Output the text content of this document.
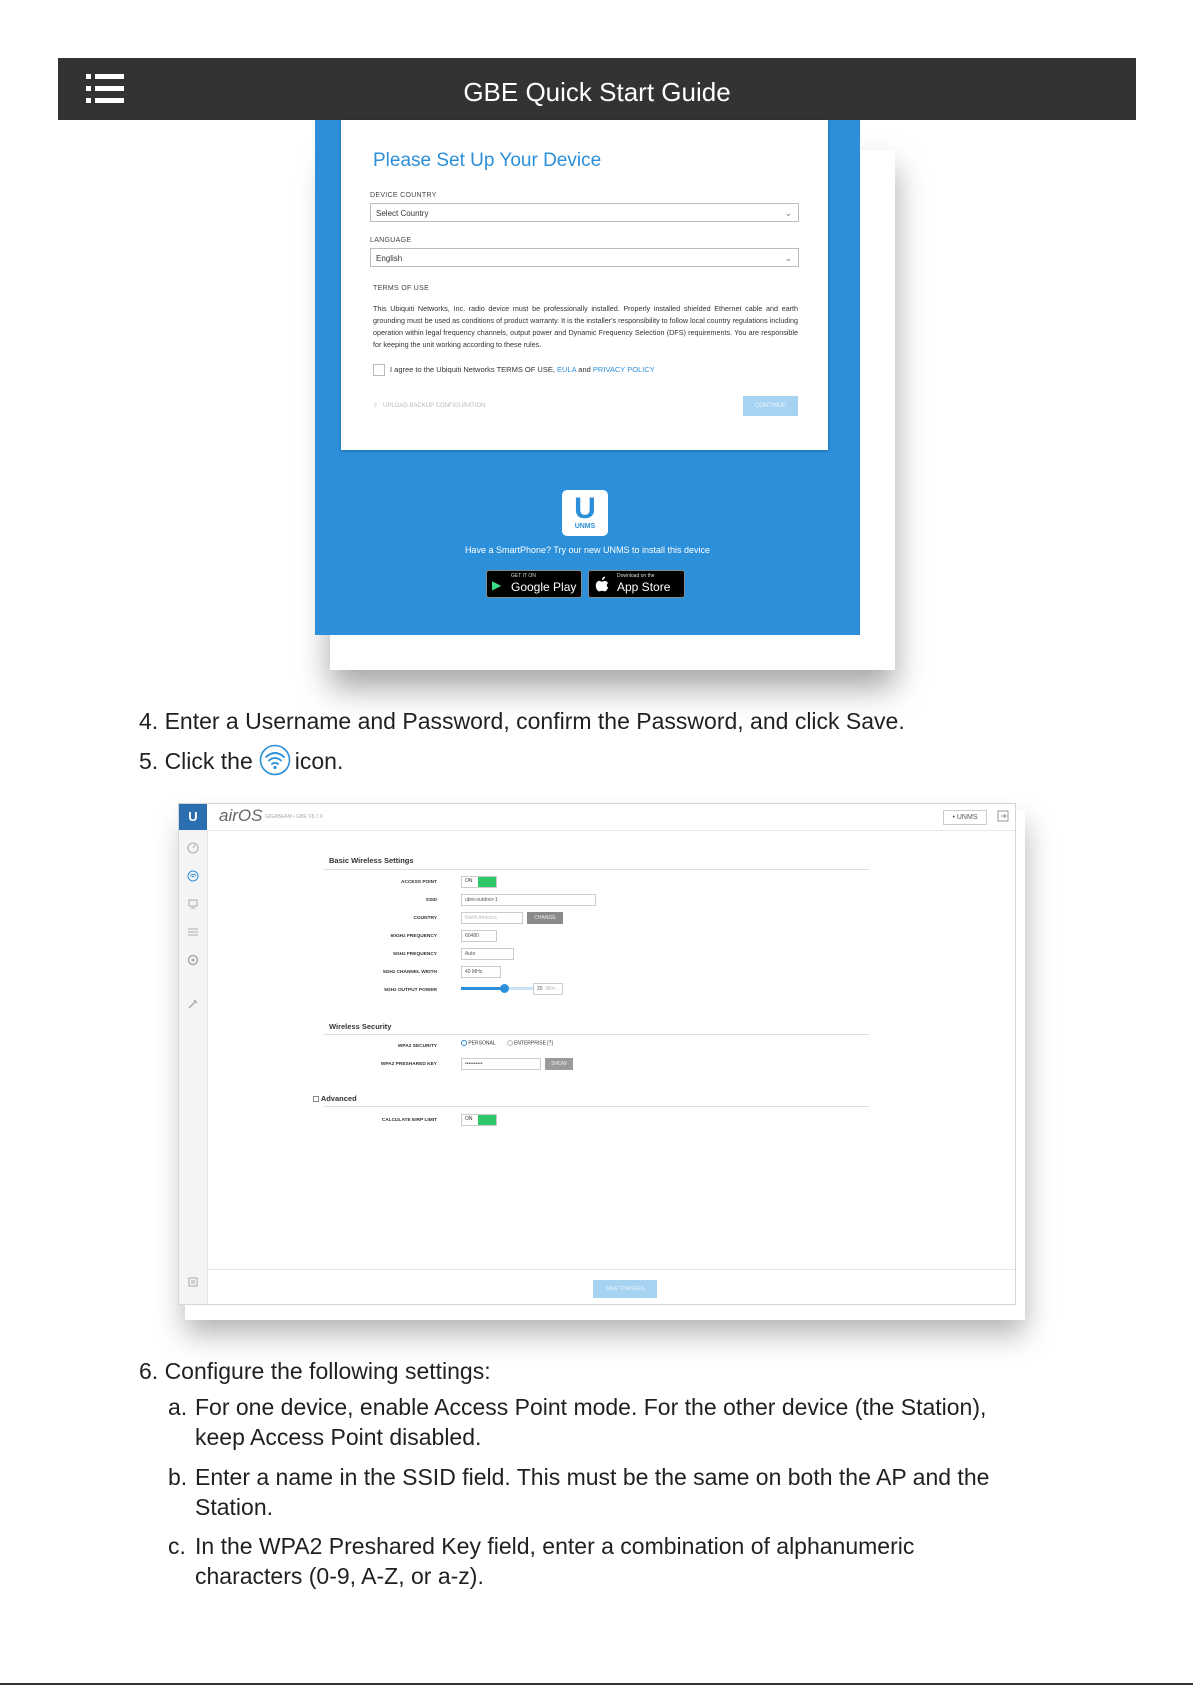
GBE Quick Start Guide
Please Set Up Your Device
DEVICE COUNTRY
Select Country	⌄
LANGUAGE
English	⌄
TERMS OF USE
This Ubiquiti Networks, Inc. radio device must be professionally installed. Properly installed shielded Ethernet cable and earth grounding must be used as conditions of product warranty. It is the installer's responsibility to follow local country regulations including operation within legal frequency channels, output power and Dynamic Frequency Selection (DFS) requirements. You are responsible for keeping the unit working according to these rules.
I agree to the Ubiquiti Networks TERMS OF USE, EULA and PRIVACY POLICY
⇪ UPLOAD BACKUP CONFIGURATION	CONTINUE
U
UNMS
Have a SmartPhone? Try our new UNMS to install this device
▶
GET IT ON
Google Play
Download on the
App Store
4. Enter a Username and Password, confirm the Password, and click Save.
5. Click the icon.
U	airOS GIGABEAM • GBE V8.7.0	• UNMS
Basic Wireless Settings
ACCESS POINT	ON
SSID	ubnt-outdoor-1
COUNTRY	North America	CHANGE
60GHz FREQUENCY	60480
5GHz FREQUENCY	Auto
5GHz CHANNEL WIDTH	40 MHz
5GHz OUTPUT POWER	20 dBm
Wireless Security
WPA2 SECURITY
PERSONAL	ENTERPRISE [?]
WPA2 PRESHARED KEY	••••••••••	SHOW
Advanced
CALCULATE EIRP LIMIT	ON
SAVE CHANGES
6. Configure the following settings:
a. For one device, enable Access Point mode. For the other device (the Station), keep Access Point disabled.
b. Enter a name in the SSID field. This must be the same on both the AP and the Station.
c. In the WPA2 Preshared Key field, enter a combination of alphanumeric characters (0-9, A-Z, or a-z).
